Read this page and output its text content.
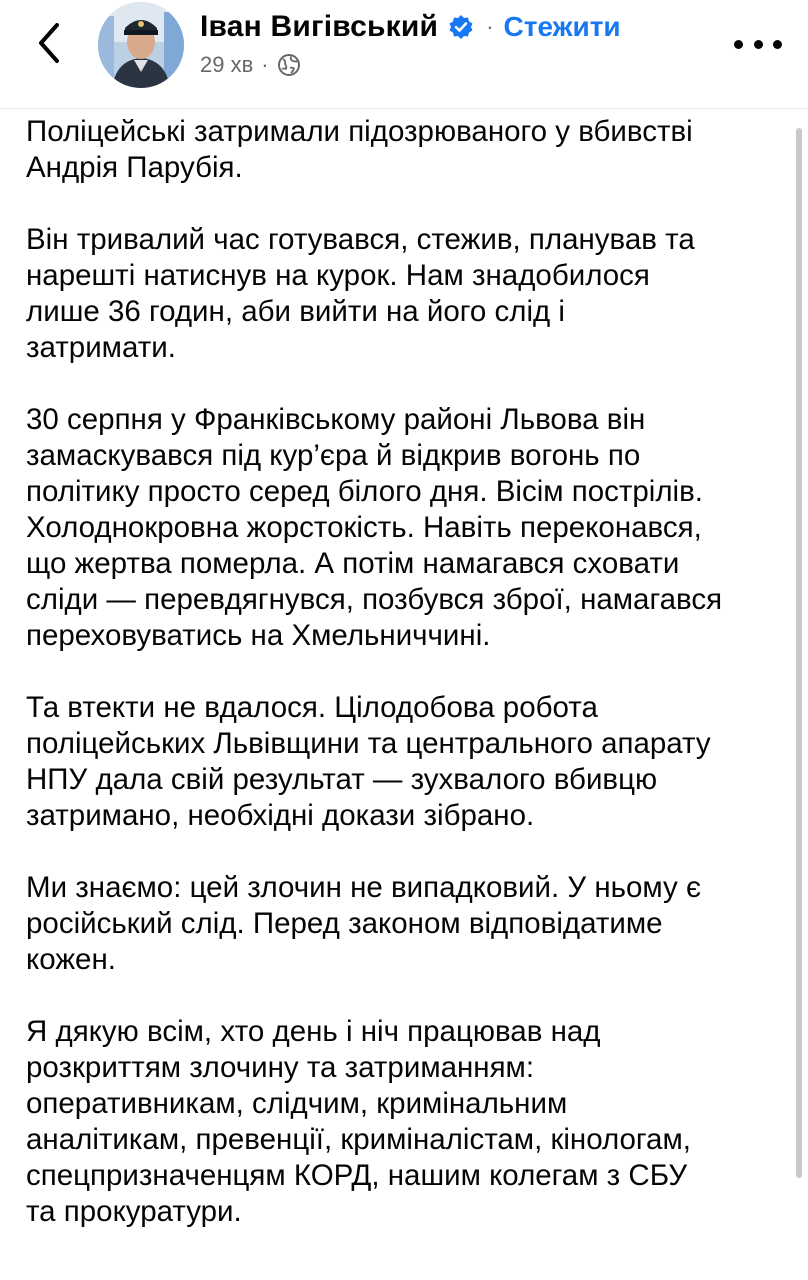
Іван Вигівський · Стежити
29 хв ·

Поліцейські затримали підозрюваного у вбивстві
Андрія Парубія.

Він тривалий час готувався, стежив, планував та
нарешті натиснув на курок. Нам знадобилося
лише 36 годин, аби вийти на його слід і
затримати.

30 серпня у Франківському районі Львова він
замаскувався під кур’єра й відкрив вогонь по
політику просто серед білого дня. Вісім пострілів.
Холоднокровна жорстокість. Навіть переконався,
що жертва померла. А потім намагався сховати
сліди — перевдягнувся, позбувся зброї, намагався
переховуватись на Хмельниччині.

Та втекти не вдалося. Цілодобова робота
поліцейських Львівщини та центрального апарату
НПУ дала свій результат — зухвалого вбивцю
затримано, необхідні докази зібрано.

Ми знаємо: цей злочин не випадковий. У ньому є
російський слід. Перед законом відповідатиме
кожен.

Я дякую всім, хто день і ніч працював над
розкриттям злочину та затриманням:
оперативникам, слідчим, кримінальним
аналітикам, превенції, криміналістам, кінологам,
спецпризначенцям КОРД, нашим колегам з СБУ
та прокуратури.
